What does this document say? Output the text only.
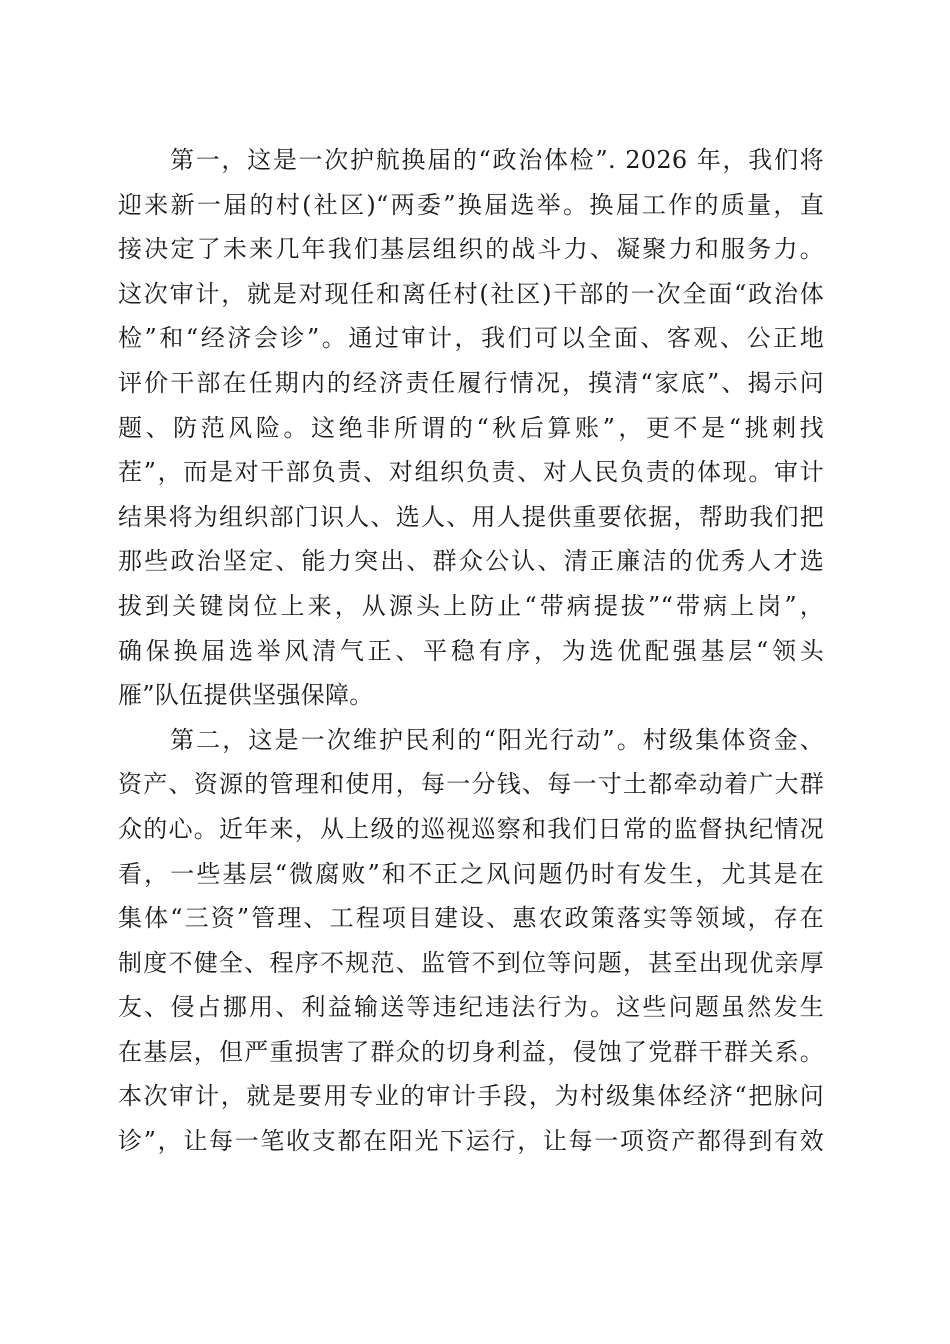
第一，这是一次护航换届的“政治体检”. 2026 年，我们将
迎来新一届的村(社区)“两委”换届选举。换届工作的质量，直
接决定了未来几年我们基层组织的战斗力、凝聚力和服务力。
这次审计，就是对现任和离任村(社区)干部的一次全面“政治体
检”和“经济会诊”。通过审计，我们可以全面、客观、公正地
评价干部在任期内的经济责任履行情况，摸清“家底”、揭示问
题、防范风险。这绝非所谓的“秋后算账”，更不是“挑刺找
茬”，而是对干部负责、对组织负责、对人民负责的体现。审计
结果将为组织部门识人、选人、用人提供重要依据，帮助我们把
那些政治坚定、能力突出、群众公认、清正廉洁的优秀人才选
拔到关键岗位上来，从源头上防止“带病提拔”“带病上岗”，
确保换届选举风清气正、平稳有序，为选优配强基层“领头
雁”队伍提供坚强保障。
第二，这是一次维护民利的“阳光行动”。村级集体资金、
资产、资源的管理和使用，每一分钱、每一寸土都牵动着广大群
众的心。近年来，从上级的巡视巡察和我们日常的监督执纪情况
看，一些基层“微腐败”和不正之风问题仍时有发生，尤其是在
集体“三资”管理、工程项目建设、惠农政策落实等领域，存在
制度不健全、程序不规范、监管不到位等问题，甚至出现优亲厚
友、侵占挪用、利益输送等违纪违法行为。这些问题虽然发生
在基层，但严重损害了群众的切身利益，侵蚀了党群干群关系。
本次审计，就是要用专业的审计手段，为村级集体经济“把脉问
诊”，让每一笔收支都在阳光下运行，让每一项资产都得到有效
